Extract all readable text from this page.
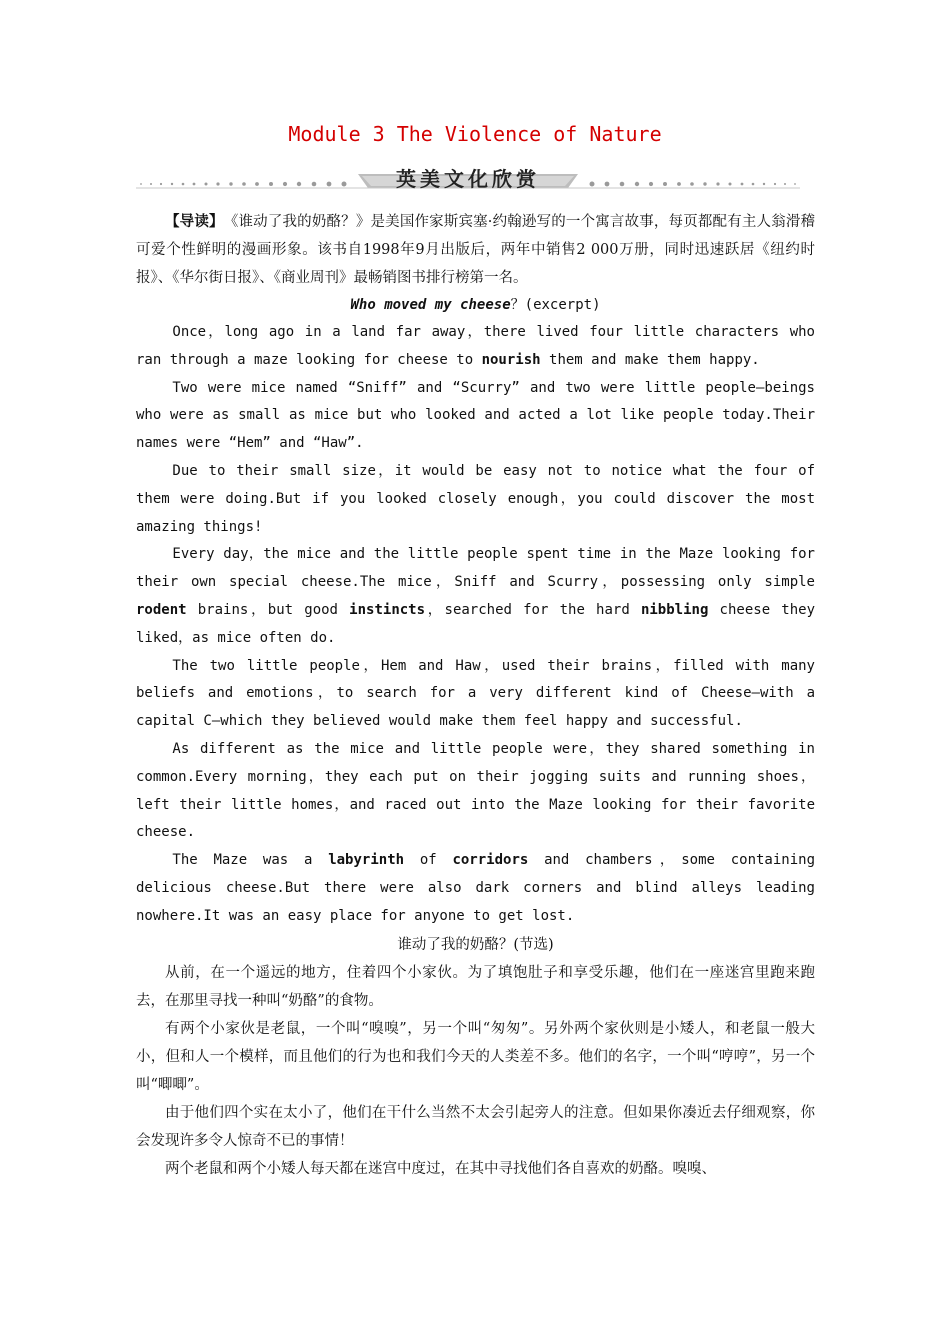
Module 3 The Violence of Nature
英美文化欣赏

【导读】　 《谁动了我的奶酪？》是美国作家斯宾塞·约翰逊写的一个寓言故事，每页都配有主人翁滑稽可爱个性鲜明的漫画形象。该书自1998年9月出版后，两年中销售2 000万册，同时迅速跃居《纽约时报》、《华尔街日报》、《商业周刊》最畅销图书排行榜第一名。

Who moved my cheese？(excerpt)

Once，long ago in a land far away，there lived four little characters who ran through a maze looking for cheese to nourish them and make them happy.

Two were mice named “Sniff” and “Scurry” and two were little people—beings who were as small as mice but who looked and acted a lot like people today.Their names were “Hem” and “Haw”.

Due to their small size，it would be easy not to notice what the four of them were doing.But if you looked closely enough，you could discover the most amazing things!

Every day，the mice and the little people spent time in the Maze looking for their own special cheese.The mice，Sniff and Scurry，possessing only simple rodent brains，but good instincts，searched for the hard nibbling cheese they liked，as mice often do.

The two little people，Hem and Haw，used their brains，filled with many beliefs and emotions，to search for a very different kind of Cheese—with a capital C—which they believed would make them feel happy and successful.

As different as the mice and little people were，they shared something in common.Every morning，they each put on their jogging suits and running shoes，left their little homes，and raced out into the Maze looking for their favorite cheese.

The Maze was a labyrinth of corridors and chambers，some containing delicious cheese.But there were also dark corners and blind alleys leading nowhere.It was an easy place for anyone to get lost.

谁动了我的奶酪？(节选)

从前，在一个遥远的地方，住着四个小家伙。为了填饱肚子和享受乐趣，他们在一座迷宫里跑来跑去，在那里寻找一种叫“奶酪”的食物。

有两个小家伙是老鼠，一个叫“嗅嗅”，另一个叫“匆匆”。另外两个家伙则是小矮人，和老鼠一般大小，但和人一个模样，而且他们的行为也和我们今天的人类差不多。他们的名字，一个叫“哼哼”，另一个叫“唧唧”。

由于他们四个实在太小了，他们在干什么当然不太会引起旁人的注意。但如果你凑近去仔细观察，你会发现许多令人惊奇不已的事情！

两个老鼠和两个小矮人每天都在迷宫中度过，在其中寻找他们各自喜欢的奶酪。嗅嗅、
